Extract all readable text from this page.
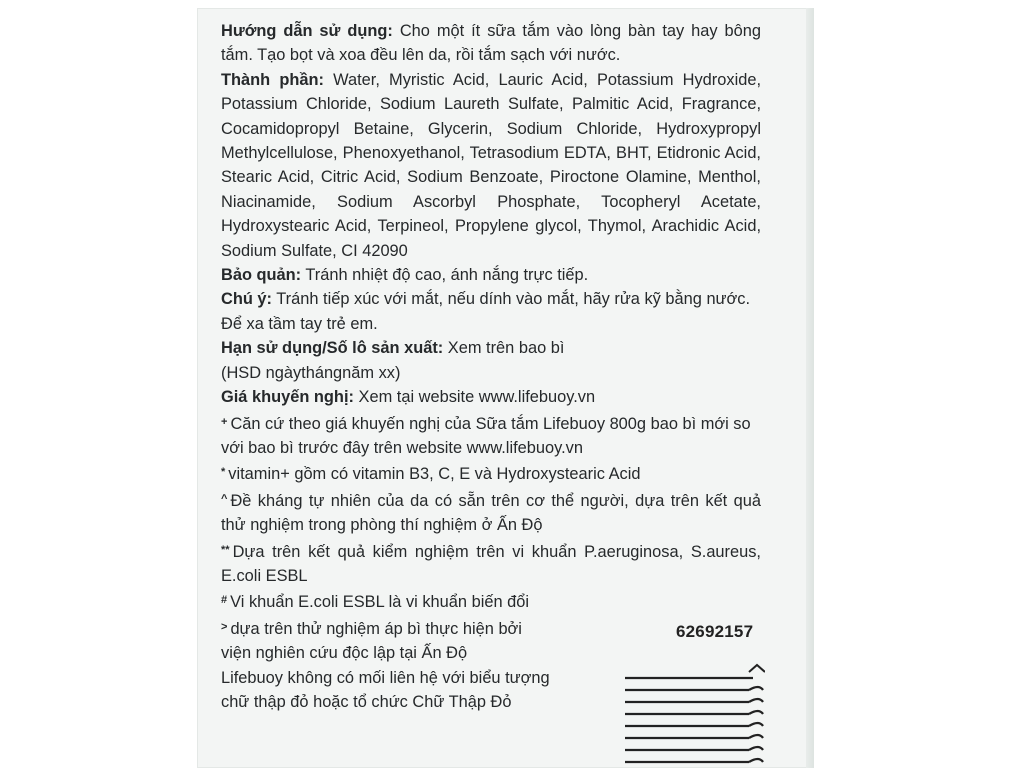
Hướng dẫn sử dụng: Cho một ít sữa tắm vào lòng bàn tay hay bông tắm. Tạo bọt và xoa đều lên da, rồi tắm sạch với nước.

Thành phần: Water, Myristic Acid, Lauric Acid, Potassium Hydroxide, Potassium Chloride, Sodium Laureth Sulfate, Palmitic Acid, Fragrance, Cocamidopropyl Betaine, Glycerin, Sodium Chloride, Hydroxypropyl Methylcellulose, Phenoxyethanol, Tetrasodium EDTA, BHT, Etidronic Acid, Stearic Acid, Citric Acid, Sodium Benzoate, Piroctone Olamine, Menthol, Niacinamide, Sodium Ascorbyl Phosphate, Tocopheryl Acetate, Hydroxystearic Acid, Terpineol, Propylene glycol, Thymol, Arachidic Acid, Sodium Sulfate, CI 42090

Bảo quản: Tránh nhiệt độ cao, ánh nắng trực tiếp.

Chú ý: Tránh tiếp xúc với mắt, nếu dính vào mắt, hãy rửa kỹ bằng nước. Để xa tầm tay trẻ em.

Hạn sử dụng/Số lô sản xuất: Xem trên bao bì
(HSD ngàythángnăm xx)

Giá khuyến nghị: Xem tại website www.lifebuoy.vn

+ Căn cứ theo giá khuyến nghị của Sữa tắm Lifebuoy 800g bao bì mới so với bao bì trước đây trên website www.lifebuoy.vn

* vitamin+ gồm có vitamin B3, C, E và Hydroxystearic Acid

^ Đề kháng tự nhiên của da có sẵn trên cơ thể người, dựa trên kết quả thử nghiệm trong phòng thí nghiệm ở Ấn Độ

** Dựa trên kết quả kiểm nghiệm trên vi khuẩn P.aeruginosa, S.aureus, E.coli ESBL

# Vi khuẩn E.coli ESBL là vi khuẩn biến đổi

> dựa trên thử nghiệm áp bì thực hiện bởi viện nghiên cứu độc lập tại Ấn Độ

Lifebuoy không có mối liên hệ với biểu tượng chữ thập đỏ hoặc tổ chức Chữ Thập Đỏ

62692157
